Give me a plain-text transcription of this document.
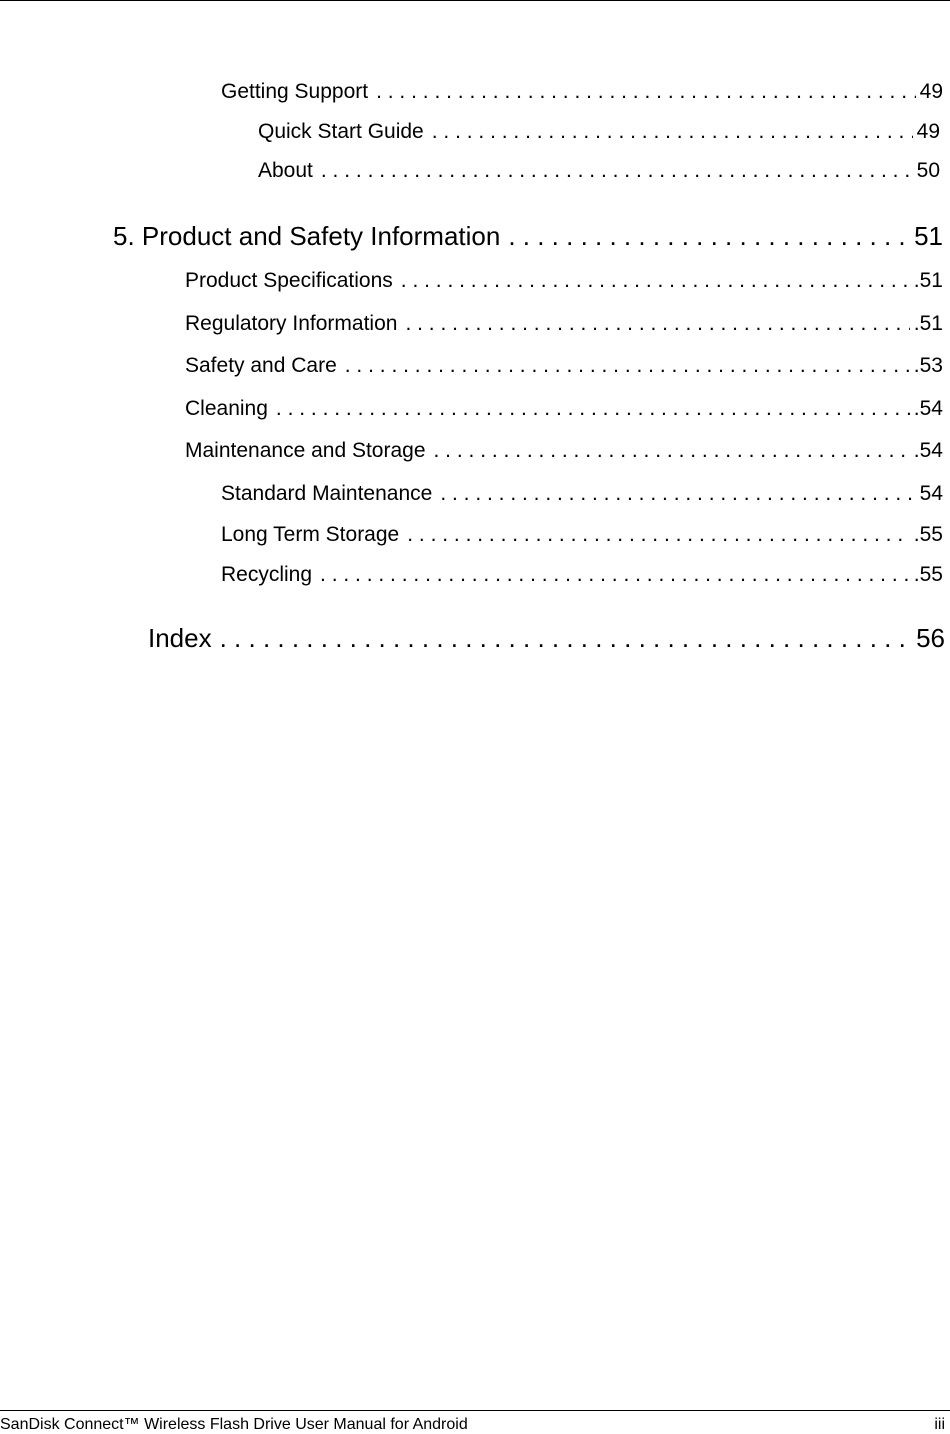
Getting Support . . .	49
Quick Start Guide . . .	49
About . . .	50
5. Product and Safety Information . . .	51
Product Specifications . . .	.51
Regulatory Information . . .	.51
Safety and Care . . .	.53
Cleaning . . .	.54
Maintenance and Storage . . .	.54
Standard Maintenance . . .	54
Long Term Storage . . .	.55
Recycling . . .	.55
Index . . .	56
SanDisk Connect™ Wireless Flash Drive User Manual for Android	iii
